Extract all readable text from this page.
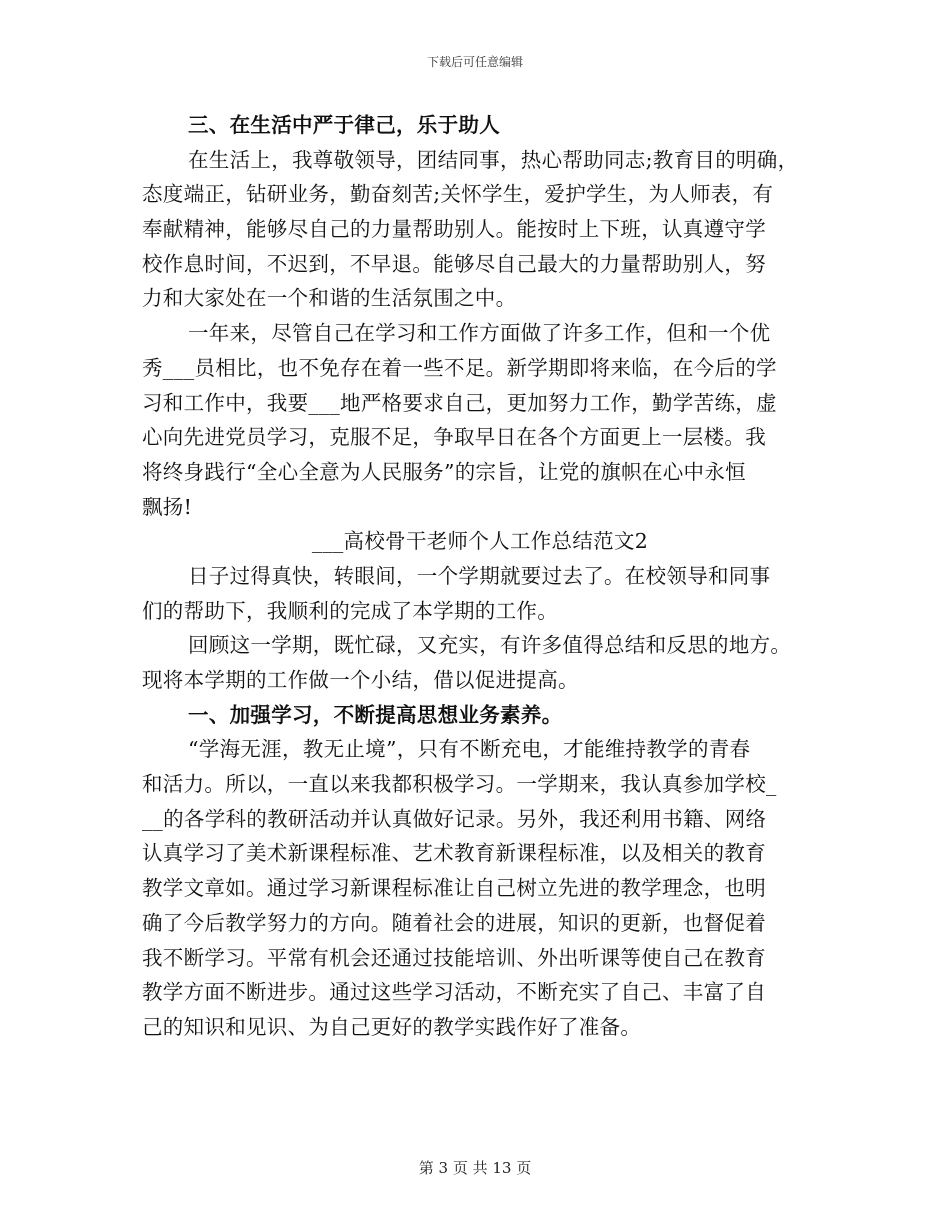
下载后可任意编辑
三、在生活中严于律己，乐于助人
在生活上，我尊敬领导，团结同事，热心帮助同志;教育目的明确，
态度端正，钻研业务，勤奋刻苦;关怀学生，爱护学生，为人师表，有
奉献精神，能够尽自己的力量帮助别人。能按时上下班，认真遵守学
校作息时间，不迟到，不早退。能够尽自己最大的力量帮助别人，努
力和大家处在一个和谐的生活氛围之中。
一年来，尽管自己在学习和工作方面做了许多工作，但和一个优
秀___员相比，也不免存在着一些不足。新学期即将来临，在今后的学
习和工作中，我要___地严格要求自己，更加努力工作，勤学苦练，虚
心向先进党员学习，克服不足，争取早日在各个方面更上一层楼。我
将终身践行“全心全意为人民服务”的宗旨，让党的旗帜在心中永恒
飘扬!
___高校骨干老师个人工作总结范文2
日子过得真快，转眼间，一个学期就要过去了。在校领导和同事
们的帮助下，我顺利的完成了本学期的工作。
回顾这一学期，既忙碌，又充实，有许多值得总结和反思的地方。
现将本学期的工作做一个小结，借以促进提高。
一、加强学习，不断提高思想业务素养。
“学海无涯，教无止境”，只有不断充电，才能维持教学的青春
和活力。所以，一直以来我都积极学习。一学期来，我认真参加学校_
__的各学科的教研活动并认真做好记录。另外，我还利用书籍、网络
认真学习了美术新课程标准、艺术教育新课程标准，以及相关的教育
教学文章如。通过学习新课程标准让自己树立先进的教学理念，也明
确了今后教学努力的方向。随着社会的进展，知识的更新，也督促着
我不断学习。平常有机会还通过技能培训、外出听课等使自己在教育
教学方面不断进步。通过这些学习活动，不断充实了自己、丰富了自
己的知识和见识、为自己更好的教学实践作好了准备。
第 3 页 共 13 页
